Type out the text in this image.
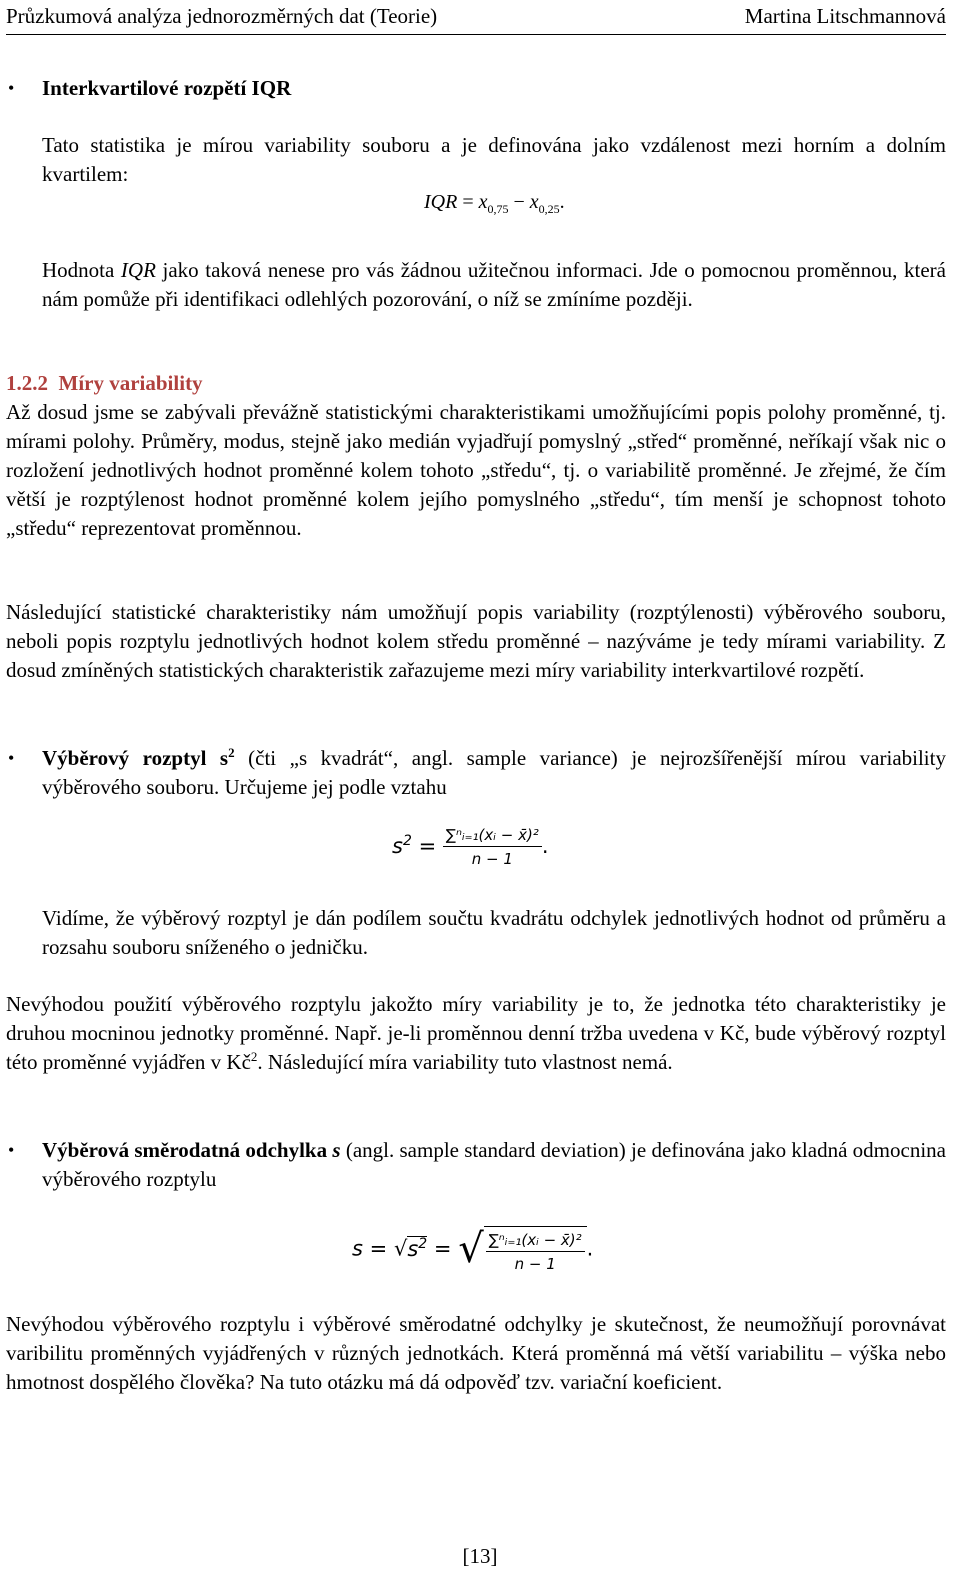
Průzkumová analýza jednorozměrných dat (Teorie)	Martina Litschmannová
• Interkvartilové rozpětí IQR
Tato statistika je mírou variability souboru a je definována jako vzdálenost mezi horním a dolním kvartilem:
IQR = $x_{0,75} - x_{0,25}$.
Hodnota IQR jako taková nenese pro vás žádnou užitečnou informaci. Jde o pomocnou proměnnou, která nám pomůže při identifikaci odlehlých pozorování, o níž se zmíníme později.
1.2.2 Míry variability
Až dosud jsme se zabývali převážně statistickými charakteristikami umožňujícími popis polohy proměnné, tj. mírami polohy. Průměry, modus, stejně jako medián vyjadřují pomyslný „střed“ proměnné, neříkají však nic o rozložení jednotlivých hodnot proměnné kolem tohoto „středu“, tj. o variabilitě proměnné. Je zřejmé, že čím větší je rozptýlenost hodnot proměnné kolem jejího pomyslného „středu“, tím menší je schopnost tohoto „středu“ reprezentovat proměnnou.
Následující statistické charakteristiky nám umožňují popis variability (rozptýlenosti) výběrového souboru, neboli popis rozptylu jednotlivých hodnot kolem středu proměnné – nazýváme je tedy mírami variability. Z dosud zmíněných statistických charakteristik zařazujeme mezi míry variability interkvartilové rozpětí.
• Výběrový rozptyl $s^2$ (čti „s kvadrát“, angl. sample variance) je nejrozšířenější mírou variability výběrového souboru. Určujeme jej podle vztahu
$s^2 = \frac{\text{∑ⁿᵢ₌₁(xᵢ − x̄)²}}{n - 1}$ .
Vidíme, že výběrový rozptyl je dán podílem součtu kvadrátu odchylek jednotlivých hodnot od průměru a rozsahu souboru sníženého o jedničku.
Nevýhodou použití výběrového rozptylu jakožto míry variability je to, že jednotka této charakteristiky je druhou mocninou jednotky proměnné. Např. je-li proměnnou denní tržba uvedena v Kč, bude výběrový rozptyl této proměnné vyjádřen v $Kč^2$. Následující míra variability tuto vlastnost nemá.
• Výběrová směrodatná odchylka s (angl. sample standard deviation) je definována jako kladná odmocnina výběrového rozptylu
$s = √s^2$ = √ $\frac{\text{∑ⁿᵢ₌₁(xᵢ − x̄)²}}{n - 1}$ .
Nevýhodou výběrového rozptylu i výběrové směrodatné odchylky je skutečnost, že neumožňují porovnávat varibilitu proměnných vyjádřených v různých jednotkách. Která proměnná má větší variabilitu – výška nebo hmotnost dospělého člověka? Na tuto otázku má dá odpověď tzv. variační koeficient.
[13]
